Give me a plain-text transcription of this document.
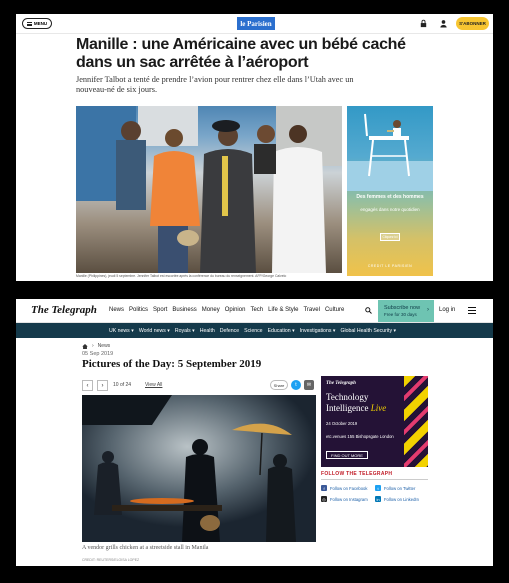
MENU	le Parisien	S'ABONNER
Manille : une Américaine avec un bébé caché dans un sac arrêtée à l’aéroport

Jennifer Talbot a tenté de prendre l’avion pour rentrer chez elle dans l’Utah avec un nouveau-né de six jours.

Manille (Philippines), jeudi 5 septembre. Jennifer Talbot est escortée après la conférence du bureau du renseignement. AFP/George Calvelo
Des femmes et des hommes
engagés dans notre quotidien
Cliquez ici
CREDIT LE PARISIEN
The Telegraph News Politics Sport Business Money Opinion Tech Life & Style Travel Culture	Subscribe now
Free for 30 days
› Log in
UK news ▾ World news ▾ Royals ▾ Health Defence Science Education ▾ Investigations ▾ Global Health Security ▾
› News
05 Sep 2019
Pictures of the Day: 5 September 2019
‹	›	10 of 24	View All	Share	t	✉
A vendor grills chicken at a streetside stall in Manila
CREDIT: REUTERS/ELOISA LOPEZ
The Telegraph
Technology Intelligence Live
24 October 2019
etc.venues 155 Bishopsgate London
FIND OUT MORE
FOLLOW THE TELEGRAPH
f	Follow on Facebook	t	Follow on Twitter
◎ Follow on Instagram	in	Follow on LinkedIn
